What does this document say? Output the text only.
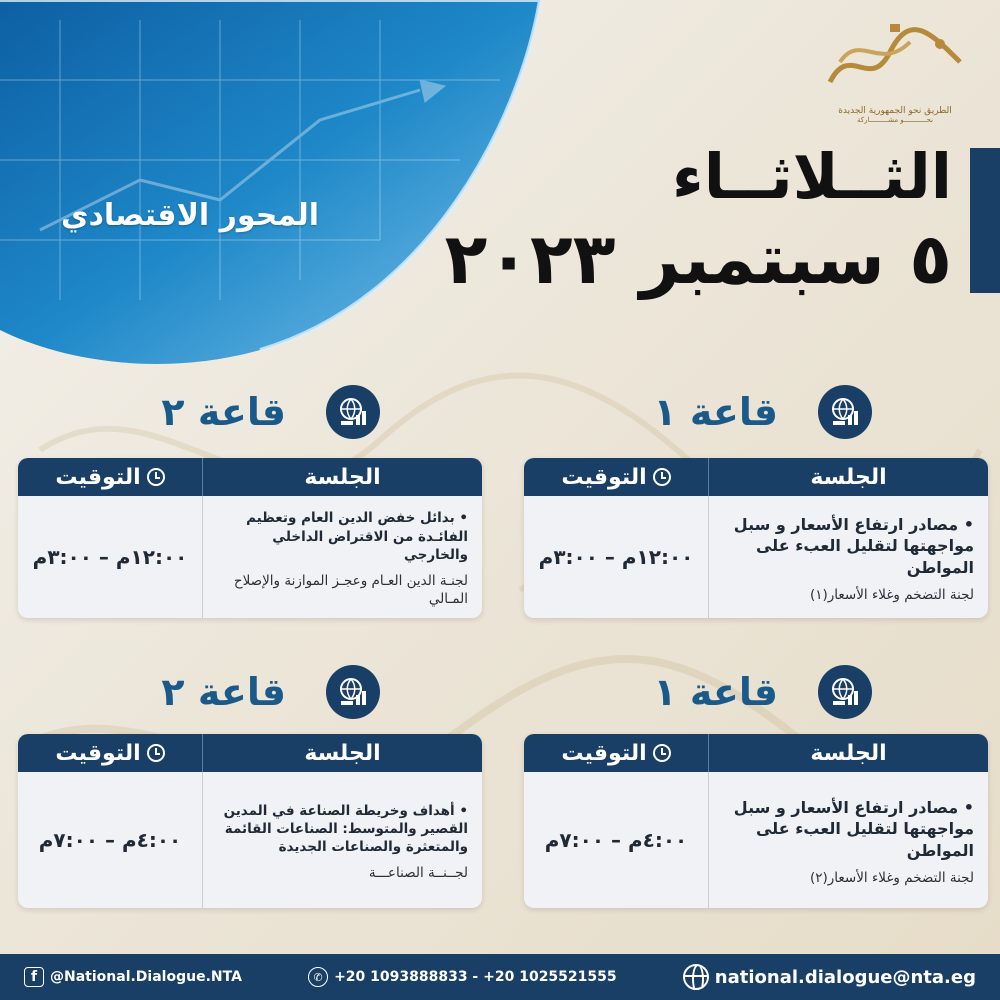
المحور الاقتصادي
الطريق نحو الجمهورية الجديدة
نحـــــــــــو مشـــــــــاركة
الثــلاثــاء
٥ سبتمبر ٢٠٢٣
قاعة ١
قاعة ٢
قاعة ١
قاعة ٢
الجلسة
التوقيت
• مصادر ارتفاع الأسعار و سبل مواجهتها لتقليل العبء على المواطن
لجنة التضخم وغلاء الأسعار(١)
١٢:٠٠م – ٣:٠٠م
الجلسة
التوقيت
• بدائل خفض الدين العام وتعظيم الفائـدة من الاقتراض الداخلي والخارجي
لجنـة الدين العـام وعجـز الموازنة والإصلاح المـالي
١٢:٠٠م – ٣:٠٠م
الجلسة
التوقيت
• مصادر ارتفاع الأسعار و سبل مواجهتها لتقليل العبء على المواطن
لجنة التضخم وغلاء الأسعار(٢)
٤:٠٠م – ٧:٠٠م
الجلسة
التوقيت
• أهداف وخريطة الصناعة في المدين القصير والمتوسط: الصناعات القائمة والمتعثرة والصناعات الجديدة
لجــنــة الصناعـــة
٤:٠٠م – ٧:٠٠م
f @National.Dialogue.NTA	✆ +20 1093888833 - +20 1025521555	national.dialogue@nta.eg
